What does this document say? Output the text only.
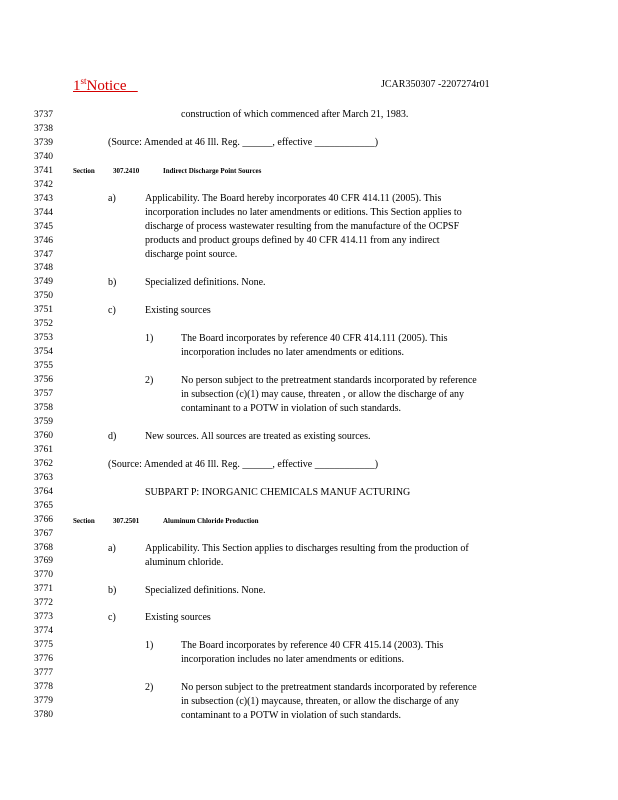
1stNotice	JCAR350307 -2207274r01
3737
3738
3739
3740
3741
3742
3743
3744
3745
3746
3747
3748
3749
3750
3751
3752
3753
3754
3755
3756
3757
3758
3759
3760
3761
3762
3763
3764
3765
3766
3767
3768
3769
3770
3771
3772
3773
3774
3775
3776
3777
3778
3779
3780
construction of which commenced after March 21, 1983.
(Source: Amended at 46 Ill. Reg. ______, effective ____________)
Section	307.2410	Indirect Discharge Point Sources
a)	Applicability. The Board hereby incorporates 40 CFR 414.11 (2005). This
incorporation includes no later amendments or editions. This Section applies to
discharge of process wastewater resulting from the manufacture of the OCPSF
products and product groups defined by 40 CFR 414.11 from any indirect
discharge point source.
b)	Specialized definitions. None.
c)	Existing sources
1)	The Board incorporates by reference 40 CFR 414.111 (2005). This
incorporation includes no later amendments or editions.
2)	No person subject to the pretreatment standards incorporated by reference
in subsection (c)(1) may cause, threaten , or allow the discharge of any
contaminant to a POTW in violation of such standards.
d)	New sources. All sources are treated as existing sources.
(Source: Amended at 46 Ill. Reg. ______, effective ____________)
SUBPART P: INORGANIC CHEMICALS MANUF ACTURING
Section	307.2501	Aluminum Chloride Production
a)	Applicability. This Section applies to discharges resulting from the production of
aluminum chloride.
b)	Specialized definitions. None.
c)	Existing sources
1)	The Board incorporates by reference 40 CFR 415.14 (2003). This
incorporation includes no later amendments or editions.
2)	No person subject to the pretreatment standards incorporated by reference
in subsection (c)(1) maycause, threaten, or allow the discharge of any
contaminant to a POTW in violation of such standards.
